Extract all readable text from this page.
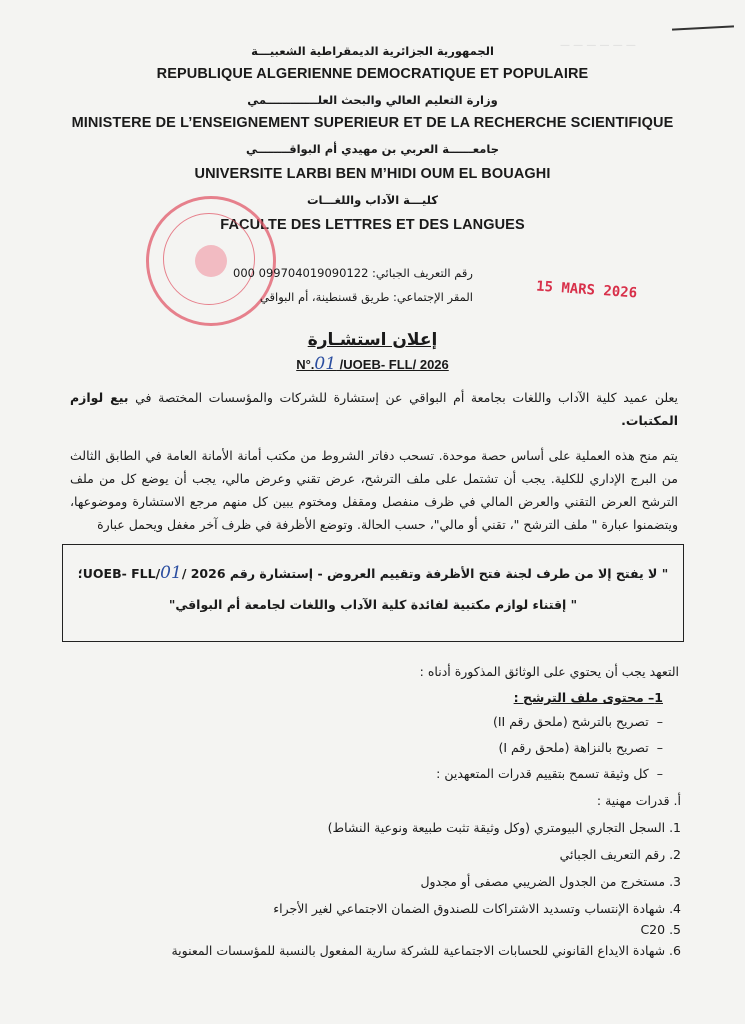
— — — — — —
الجمهورية الجزائرية الديمقراطية الشعبيـــة
REPUBLIQUE ALGERIENNE DEMOCRATIQUE ET POPULAIRE
وزارة التعليم العالي والبحث العلـــــــــــــمي
MINISTERE DE L’ENSEIGNEMENT SUPERIEUR ET DE LA RECHERCHE SCIENTIFIQUE
جامعــــــة العربي بن مهيدي أم البواقــــــــي
UNIVERSITE LARBI BEN M’HIDI OUM EL BOUAGHI
كليـــة الآداب واللغـــات
FACULTE DES LETTRES ET DES LANGUES
رقم التعريف الجبائي: 099704019090122 000
المقر الإجتماعي: طريق قسنطينة، أم البواقي	15 MARS 2026
إعلان استشـارة
N°.01 /UOEB- FLL/ 2026
يعلن عميد كلية الآداب واللغات بجامعة أم البواقي عن إستشارة للشركات والمؤسسات المختصة في بيع لوازم المكتبات.
يتم منح هذه العملية على أساس حصة موحدة. تسحب دفاتر الشروط من مكتب أمانة الأمانة العامة في الطابق الثالث من البرج الإداري للكلية. يجب أن تشتمل على ملف الترشح، عرض تقني وعرض مالي، يجب أن يوضع كل من ملف الترشح العرض التقني والعرض المالي في ظرف منفصل ومقفل ومختوم يبين كل منهم مرجع الاستشارة وموضوعها، ويتضمنوا عبارة " ملف الترشح "، تقني أو مالي"، حسب الحالة. وتوضع الأظرفة في ظرف آخر مغفل ويحمل عبارة
" لا يفتح إلا من طرف لجنة فتح الأظرفة وتقييم العروض - إستشارة رقم 2026 /UOEB- FLL/01؛
" إقتناء لوازم مكتبية لفائدة كلية الآداب واللغات لجامعة أم البواقي"
التعهد يجب أن يحتوي على الوثائق المذكورة أدناه :
1– محتوى ملف الترشح :
–تصريح بالترشح (ملحق رقم II)
–تصريح بالنزاهة (ملحق رقم I)
–كل وثيقة تسمح بتقييم قدرات المتعهدين :
أ. قدرات مهنية :
1. السجل التجاري البيومتري (وكل وثيقة تثبت طبيعة ونوعية النشاط)
2. رقم التعريف الجبائي
3. مستخرج من الجدول الضريبي مصفى أو مجدول
4. شهادة الإنتساب وتسديد الاشتراكات للصندوق الضمان الاجتماعي لغير الأجراء
5. C20
6. شهادة الايداع القانوني للحسابات الاجتماعية للشركة سارية المفعول بالنسبة للمؤسسات المعنوية
